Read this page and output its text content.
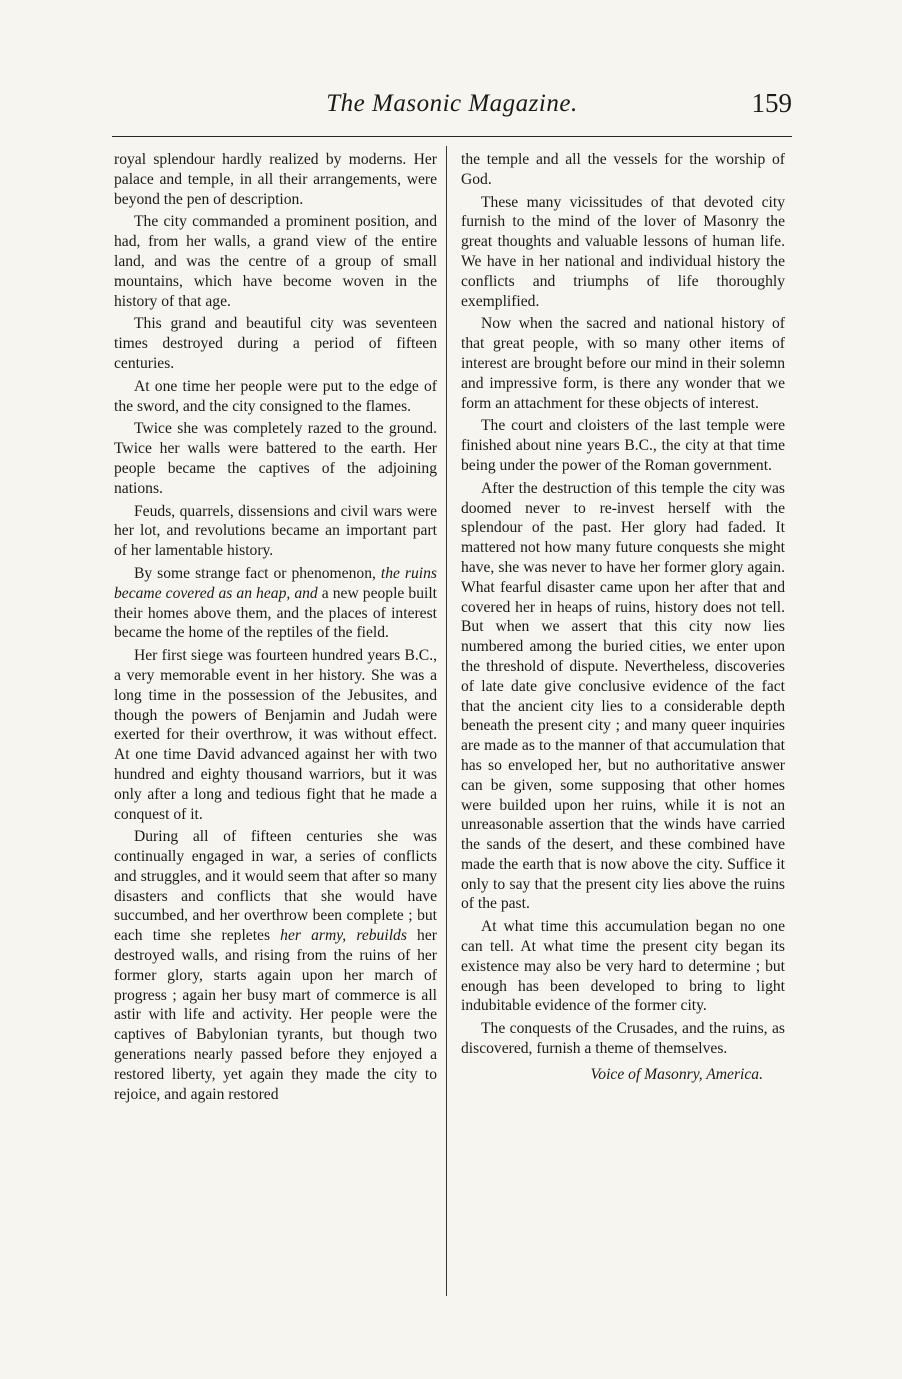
The Masonic Magazine.	159

royal splendour hardly realized by moderns. Her palace and temple, in all their arrangements, were beyond the pen of description.

The city commanded a prominent position, and had, from her walls, a grand view of the entire land, and was the centre of a group of small mountains, which have become woven in the history of that age.

This grand and beautiful city was seventeen times destroyed during a period of fifteen centuries.

At one time her people were put to the edge of the sword, and the city consigned to the flames.

Twice she was completely razed to the ground. Twice her walls were battered to the earth. Her people became the captives of the adjoining nations.

Feuds, quarrels, dissensions and civil wars were her lot, and revolutions became an important part of her lamentable history.

By some strange fact or phenomenon, the ruins became covered as an heap, and a new people built their homes above them, and the places of interest became the home of the reptiles of the field.

Her first siege was fourteen hundred years B.C., a very memorable event in her history. She was a long time in the possession of the Jebusites, and though the powers of Benjamin and Judah were exerted for their overthrow, it was without effect. At one time David advanced against her with two hundred and eighty thousand warriors, but it was only after a long and tedious fight that he made a conquest of it.

During all of fifteen centuries she was continually engaged in war, a series of conflicts and struggles, and it would seem that after so many disasters and conflicts that she would have succumbed, and her overthrow been complete ; but each time she repletes her army, rebuilds her destroyed walls, and rising from the ruins of her former glory, starts again upon her march of progress ; again her busy mart of commerce is all astir with life and activity. Her people were the captives of Babylonian tyrants, but though two generations nearly passed before they enjoyed a restored liberty, yet again they made the city to rejoice, and again restored

the temple and all the vessels for the worship of God.

These many vicissitudes of that devoted city furnish to the mind of the lover of Masonry the great thoughts and valuable lessons of human life. We have in her national and individual history the conflicts and triumphs of life thoroughly exemplified.

Now when the sacred and national history of that great people, with so many other items of interest are brought before our mind in their solemn and impressive form, is there any wonder that we form an attachment for these objects of interest.

The court and cloisters of the last temple were finished about nine years B.C., the city at that time being under the power of the Roman government.

After the destruction of this temple the city was doomed never to re-invest herself with the splendour of the past. Her glory had faded. It mattered not how many future conquests she might have, she was never to have her former glory again. What fearful disaster came upon her after that and covered her in heaps of ruins, history does not tell. But when we assert that this city now lies numbered among the buried cities, we enter upon the threshold of dispute. Nevertheless, discoveries of late date give conclusive evidence of the fact that the ancient city lies to a considerable depth beneath the present city ; and many queer inquiries are made as to the manner of that accumulation that has so enveloped her, but no authoritative answer can be given, some supposing that other homes were builded upon her ruins, while it is not an unreasonable assertion that the winds have carried the sands of the desert, and these combined have made the earth that is now above the city. Suffice it only to say that the present city lies above the ruins of the past.

At what time this accumulation began no one can tell. At what time the present city began its existence may also be very hard to determine ; but enough has been developed to bring to light indubitable evidence of the former city.

The conquests of the Crusades, and the ruins, as discovered, furnish a theme of themselves.

Voice of Masonry, America.
